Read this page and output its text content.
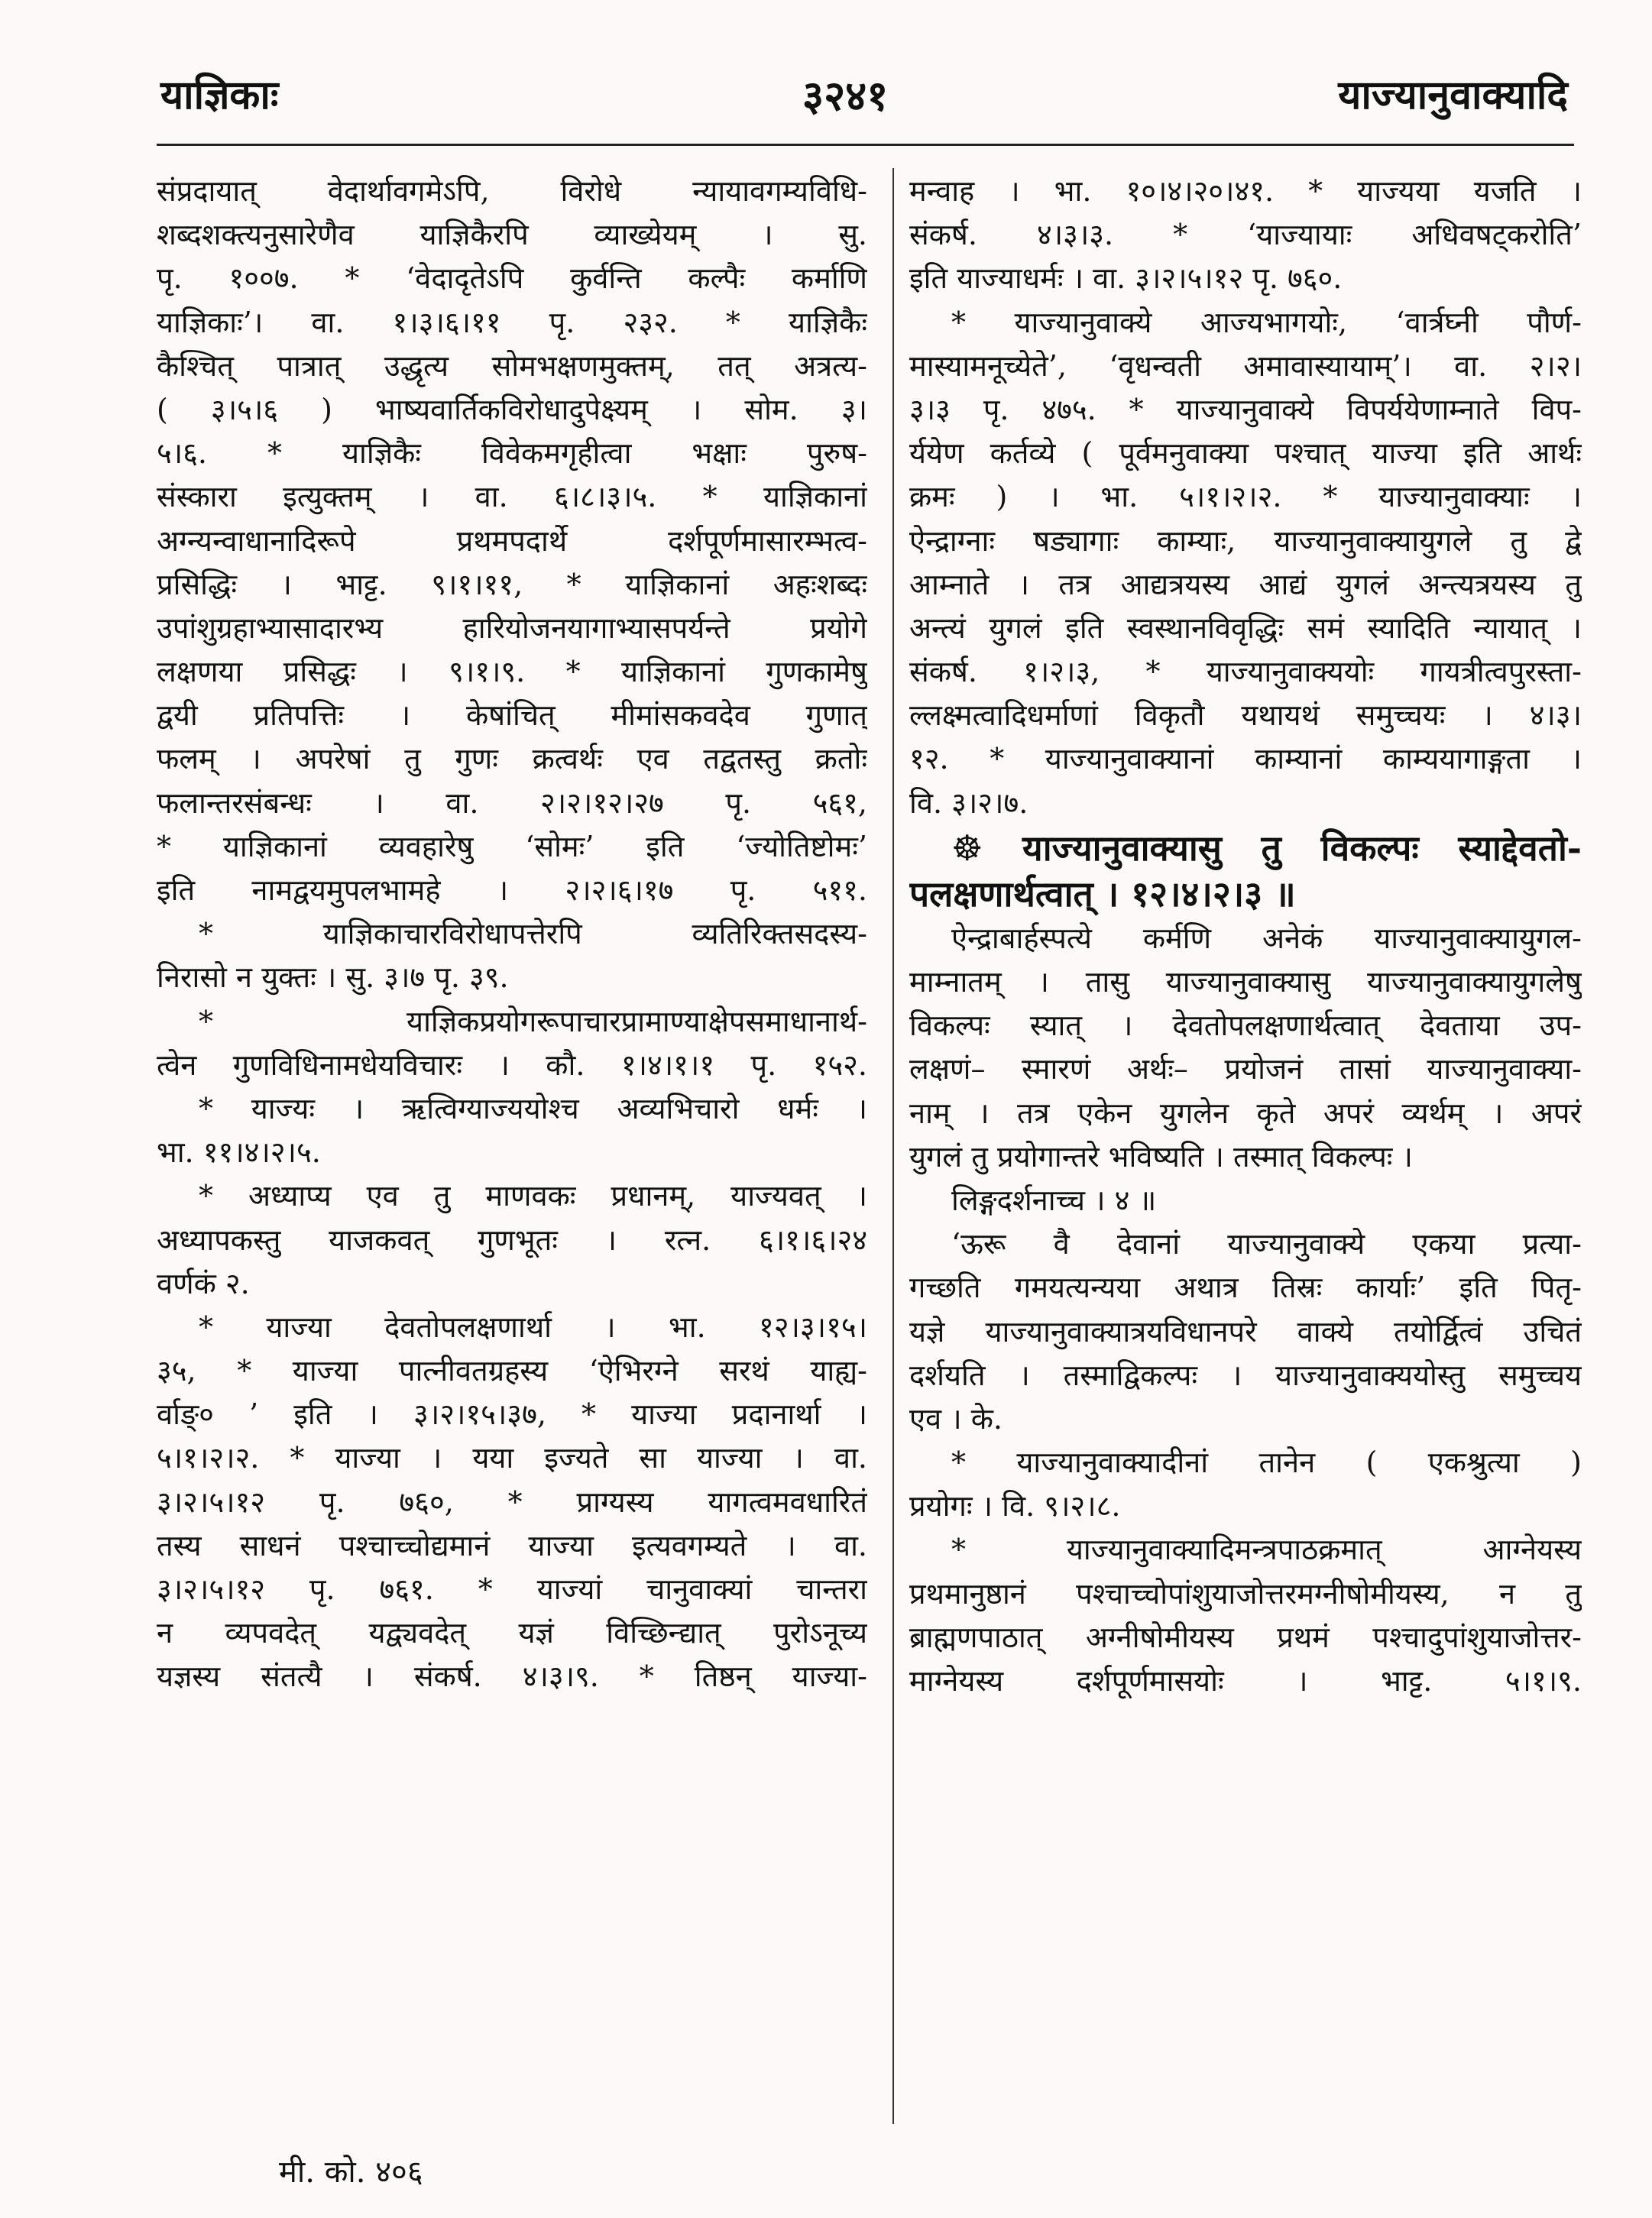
याज्ञिकाः	३२४१	याज्यानुवाक्यादि

संप्रदायात् वेदार्थावगमेऽपि, विरोधे न्यायावगम्यविधि-

शब्दशक्त्यनुसारेणैव याज्ञिकैरपि व्याख्येयम् । सु.

पृ. १००७. * ‘वेदादृतेऽपि कुर्वन्ति कल्पैः कर्माणि

याज्ञिकाः’। वा. १।३।६।११ पृ. २३२. * याज्ञिकैः

कैश्चित् पात्रात् उद्धृत्य सोमभक्षणमुक्तम्, तत् अत्रत्य-

( ३।५।६ ) भाष्यवार्तिकविरोधादुपेक्ष्यम् । सोम. ३।

५।६. * याज्ञिकैः विवेकमगृहीत्वा भक्षाः पुरुष-

संस्कारा इत्युक्तम् । वा. ६।८।३।५. * याज्ञिकानां

अग्न्यन्वाधानादिरूपे प्रथमपदार्थे दर्शपूर्णमासारम्भत्व-

प्रसिद्धिः । भाट्ट. ९।१।११, * याज्ञिकानां अहःशब्दः

उपांशुग्रहाभ्यासादारभ्य हारियोजनयागाभ्यासपर्यन्ते प्रयोगे

लक्षणया प्रसिद्धः । ९।१।९. * याज्ञिकानां गुणकामेषु

द्वयी प्रतिपत्तिः । केषांचित् मीमांसकवदेव गुणात्

फलम् । अपरेषां तु गुणः क्रत्वर्थः एव तद्वतस्तु क्रतोः

फलान्तरसंबन्धः । वा. २।२।१२।२७ पृ. ५६१,

* याज्ञिकानां व्यवहारेषु ‘सोमः’ इति ‘ज्योतिष्टोमः’

इति नामद्वयमुपलभामहे । २।२।६।१७ पृ. ५११.

* याज्ञिकाचारविरोधापत्तेरपि व्यतिरिक्तसदस्य-

निरासो न युक्तः । सु. ३।७ पृ. ३९.

* याज्ञिकप्रयोगरूपाचारप्रामाण्याक्षेपसमाधानार्थ-

त्वेन गुणविधिनामधेयविचारः । कौ. १।४।१।१ पृ. १५२.

* याज्यः । ऋत्विग्याज्ययोश्च अव्यभिचारो धर्मः ।

भा. ११।४।२।५.

* अध्याप्य एव तु माणवकः प्रधानम्, याज्यवत् ।

अध्यापकस्तु याजकवत् गुणभूतः । रत्न. ६।१।६।२४

वर्णकं २.

* याज्या देवतोपलक्षणार्था । भा. १२।३।१५।

३५, * याज्या पात्नीवतग्रहस्य ‘ऐभिरग्ने सरथं याह्य-

र्वाङ्० ’ इति । ३।२।१५।३७, * याज्या प्रदानार्था ।

५।१।२।२. * याज्या । यया इज्यते सा याज्या । वा.

३।२।५।१२ पृ. ७६०, * प्राग्यस्य यागत्वमवधारितं

तस्य साधनं पश्चाच्चोद्यमानं याज्या इत्यवगम्यते । वा.

३।२।५।१२ पृ. ७६१. * याज्यां चानुवाक्यां चान्तरा

न व्यपवदेत् यद्व्यवदेत् यज्ञं विच्छिन्द्यात् पुरोऽनूच्य

यज्ञस्य संतत्यै । संकर्ष. ४।३।९. * तिष्ठन् याज्या-

मन्वाह । भा. १०।४।२०।४१. * याज्यया यजति ।

संकर्ष. ४।३।३. * ‘याज्यायाः अधिवषट्करोति’

इति याज्याधर्मः । वा. ३।२।५।१२ पृ. ७६०.

* याज्यानुवाक्ये आज्यभागयोः, ‘वार्त्रघ्नी पौर्ण-

मास्यामनूच्येते’, ‘वृधन्वती अमावास्यायाम्’। वा. २।२।

३।३ पृ. ४७५. * याज्यानुवाक्ये विपर्ययेणाम्नाते विप-

र्ययेण कर्तव्ये ( पूर्वमनुवाक्या पश्चात् याज्या इति आर्थः

क्रमः ) । भा. ५।१।२।२. * याज्यानुवाक्याः ।

ऐन्द्राग्नाः षड्यागाः काम्याः, याज्यानुवाक्यायुगले तु द्वे

आम्नाते । तत्र आद्यत्रयस्य आद्यं युगलं अन्त्यत्रयस्य तु

अन्त्यं युगलं इति स्वस्थानविवृद्धिः समं स्यादिति न्यायात् ।

संकर्ष. १।२।३, * याज्यानुवाक्ययोः गायत्रीत्वपुरस्ता-

ल्लक्ष्मत्वादिधर्माणां विकृतौ यथायथं समुच्चयः । ४।३।

१२. * याज्यानुवाक्यानां काम्यानां काम्ययागाङ्गता ।

वि. ३।२।७.

☸ याज्यानुवाक्यासु तु विकल्पः स्याद्देवतो-

पलक्षणार्थत्वात् । १२।४।२।३ ॥

ऐन्द्राबार्हस्पत्ये कर्मणि अनेकं याज्यानुवाक्यायुगल-

माम्नातम् । तासु याज्यानुवाक्यासु याज्यानुवाक्यायुगलेषु

विकल्पः स्यात् । देवतोपलक्षणार्थत्वात् देवताया उप-

लक्षणं– स्मारणं अर्थः– प्रयोजनं तासां याज्यानुवाक्या-

नाम् । तत्र एकेन युगलेन कृते अपरं व्यर्थम् । अपरं

युगलं तु प्रयोगान्तरे भविष्यति । तस्मात् विकल्पः ।

लिङ्गदर्शनाच्च । ४ ॥

‘ऊरू वै देवानां याज्यानुवाक्ये एकया प्रत्या-

गच्छति गमयत्यन्यया अथात्र तिस्रः कार्याः’ इति पितृ-

यज्ञे याज्यानुवाक्यात्रयविधानपरे वाक्ये तयोर्द्वित्वं उचितं

दर्शयति । तस्माद्विकल्पः । याज्यानुवाक्ययोस्तु समुच्चय

एव । के.

* याज्यानुवाक्यादीनां तानेन ( एकश्रुत्या )

प्रयोगः । वि. ९।२।८.

* याज्यानुवाक्यादिमन्त्रपाठक्रमात् आग्नेयस्य

प्रथमानुष्ठानं पश्चाच्चोपांशुयाजोत्तरमग्नीषोमीयस्य, न तु

ब्राह्मणपाठात् अग्नीषोमीयस्य प्रथमं पश्चादुपांशुयाजोत्तर-

माग्नेयस्य दर्शपूर्णमासयोः । भाट्ट. ५।१।९.

मी. को. ४०६
